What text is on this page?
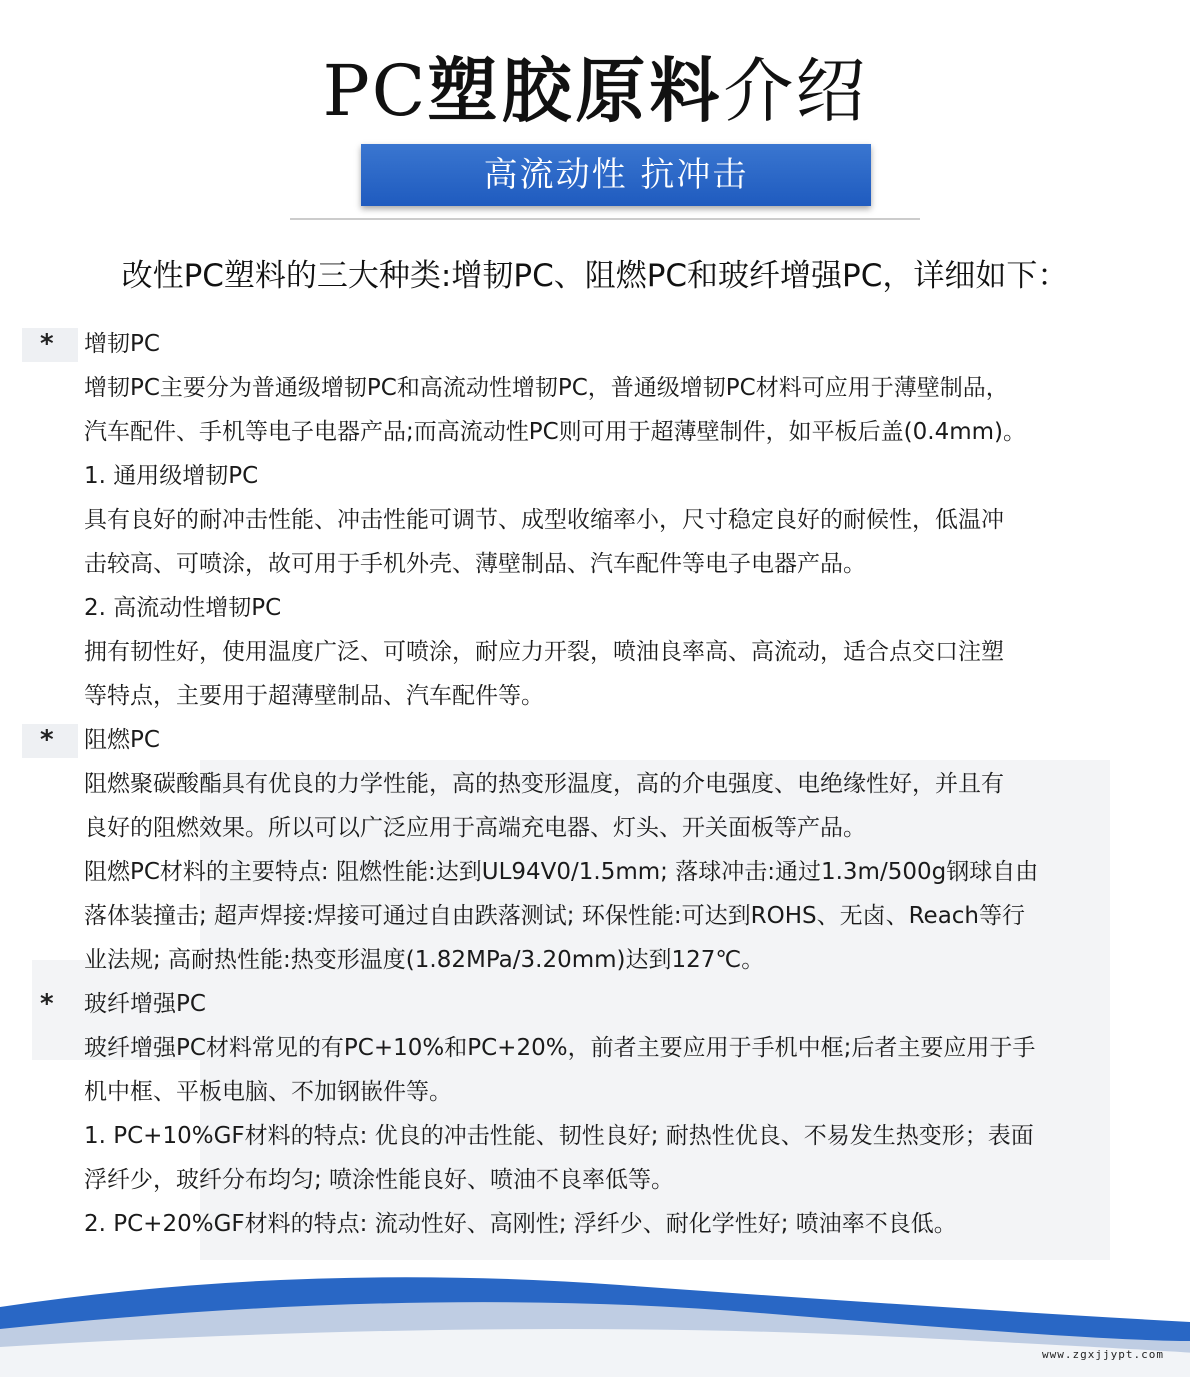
PC塑胶原料介绍
高流动性 抗冲击
改性PC塑料的三大种类:增韧PC、阻燃PC和玻纤增强PC，详细如下：
* 增韧PC
增韧PC主要分为普通级增韧PC和高流动性增韧PC，普通级增韧PC材料可应用于薄壁制品，
汽车配件、手机等电子电器产品;而高流动性PC则可用于超薄壁制件，如平板后盖(0.4mm)。
1. 通用级增韧PC
具有良好的耐冲击性能、冲击性能可调节、成型收缩率小，尺寸稳定良好的耐候性，低温冲
击较高、可喷涂，故可用于手机外壳、薄壁制品、汽车配件等电子电器产品。
2. 高流动性增韧PC
拥有韧性好，使用温度广泛、可喷涂，耐应力开裂，喷油良率高、高流动，适合点交口注塑
等特点，主要用于超薄壁制品、汽车配件等。
* 阻燃PC
阻燃聚碳酸酯具有优良的力学性能，高的热变形温度，高的介电强度、电绝缘性好，并且有
良好的阻燃效果。所以可以广泛应用于高端充电器、灯头、开关面板等产品。
阻燃PC材料的主要特点: 阻燃性能:达到UL94V0/1.5mm; 落球冲击:通过1.3m/500g钢球自由
落体装撞击; 超声焊接:焊接可通过自由跌落测试; 环保性能:可达到ROHS、无卤、Reach等行
业法规; 高耐热性能:热变形温度(1.82MPa/3.20mm)达到127℃。
* 玻纤增强PC
玻纤增强PC材料常见的有PC+10%和PC+20%，前者主要应用于手机中框;后者主要应用于手
机中框、平板电脑、不加钢嵌件等。
1. PC+10%GF材料的特点: 优良的冲击性能、韧性良好; 耐热性优良、不易发生热变形；表面
浮纤少，玻纤分布均匀; 喷涂性能良好、喷油不良率低等。
2. PC+20%GF材料的特点: 流动性好、高刚性; 浮纤少、耐化学性好; 喷油率不良低。
www.zgxjjypt.com
